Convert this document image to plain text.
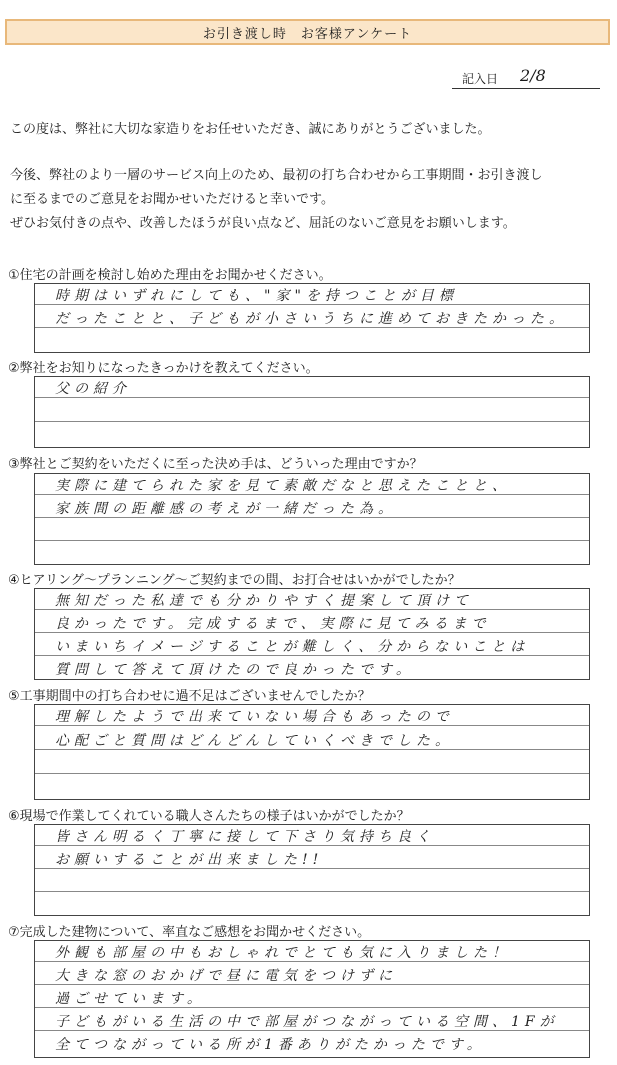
お引き渡し時　お客様アンケート
記入日 2/8
この度は、弊社に大切な家造りをお任せいただき、誠にありがとうございました。
今後、弊社のより一層のサービス向上のため、最初の打ち合わせから工事期間・お引き渡し
に至るまでのご意見をお聞かせいただけると幸いです。
ぜひお気付きの点や、改善したほうが良い点など、屈託のないご意見をお願いします。
①住宅の計画を検討し始めた理由をお聞かせください。
時期はいずれにしても、"家"を持つことが目標
だったことと、子どもが小さいうちに進めておきたかった。
②弊社をお知りになったきっかけを教えてください。
父の紹介
③弊社とご契約をいただくに至った決め手は、どういった理由ですか？
実際に建てられた家を見て素敵だなと思えたことと、
家族間の距離感の考えが一緒だった為。
④ヒアリング～プランニング～ご契約までの間、お打合せはいかがでしたか？
無知だった私達でも分かりやすく提案して頂けて
良かったです。完成するまで、実際に見てみるまで
いまいちイメージすることが難しく、分からないことは
質問して答えて頂けたので良かったです。
⑤工事期間中の打ち合わせに過不足はございませんでしたか？
理解したようで出来ていない場合もあったので
心配ごと質問はどんどんしていくべきでした。
⑥現場で作業してくれている職人さんたちの様子はいかがでしたか？
皆さん明るく丁寧に接して下さり気持ち良く
お願いすることが出来ました!!
⑦完成した建物について、率直なご感想をお聞かせください。
外観も部屋の中もおしゃれでとても気に入りました！
大きな窓のおかげで昼に電気をつけずに
過ごせています。
子どもがいる生活の中で部屋がつながっている空間、1Fが
全てつながっている所が1番ありがたかったです。
